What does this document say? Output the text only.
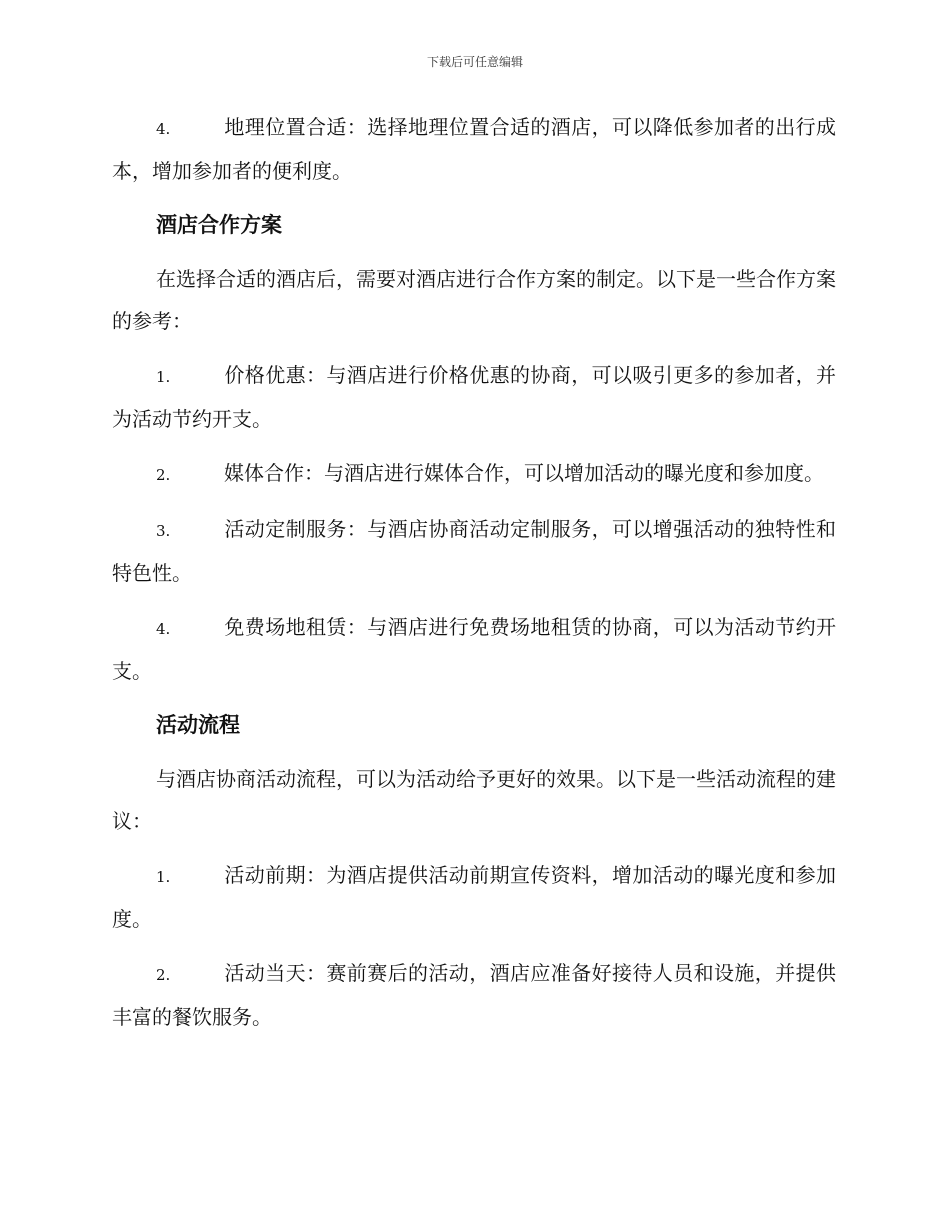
下载后可任意编辑

4.	地理位置合适：选择地理位置合适的酒店，可以降低参加者的出行成本，增加参加者的便利度。

酒店合作方案

在选择合适的酒店后，需要对酒店进行合作方案的制定。以下是一些合作方案的参考：

1.	价格优惠：与酒店进行价格优惠的协商，可以吸引更多的参加者，并为活动节约开支。

2.	媒体合作：与酒店进行媒体合作，可以增加活动的曝光度和参加度。

3.	活动定制服务：与酒店协商活动定制服务，可以增强活动的独特性和特色性。

4.	免费场地租赁：与酒店进行免费场地租赁的协商，可以为活动节约开支。

活动流程

与酒店协商活动流程，可以为活动给予更好的效果。以下是一些活动流程的建议：

1.	活动前期：为酒店提供活动前期宣传资料，增加活动的曝光度和参加度。

2.	活动当天：赛前赛后的活动，酒店应准备好接待人员和设施，并提供丰富的餐饮服务。
